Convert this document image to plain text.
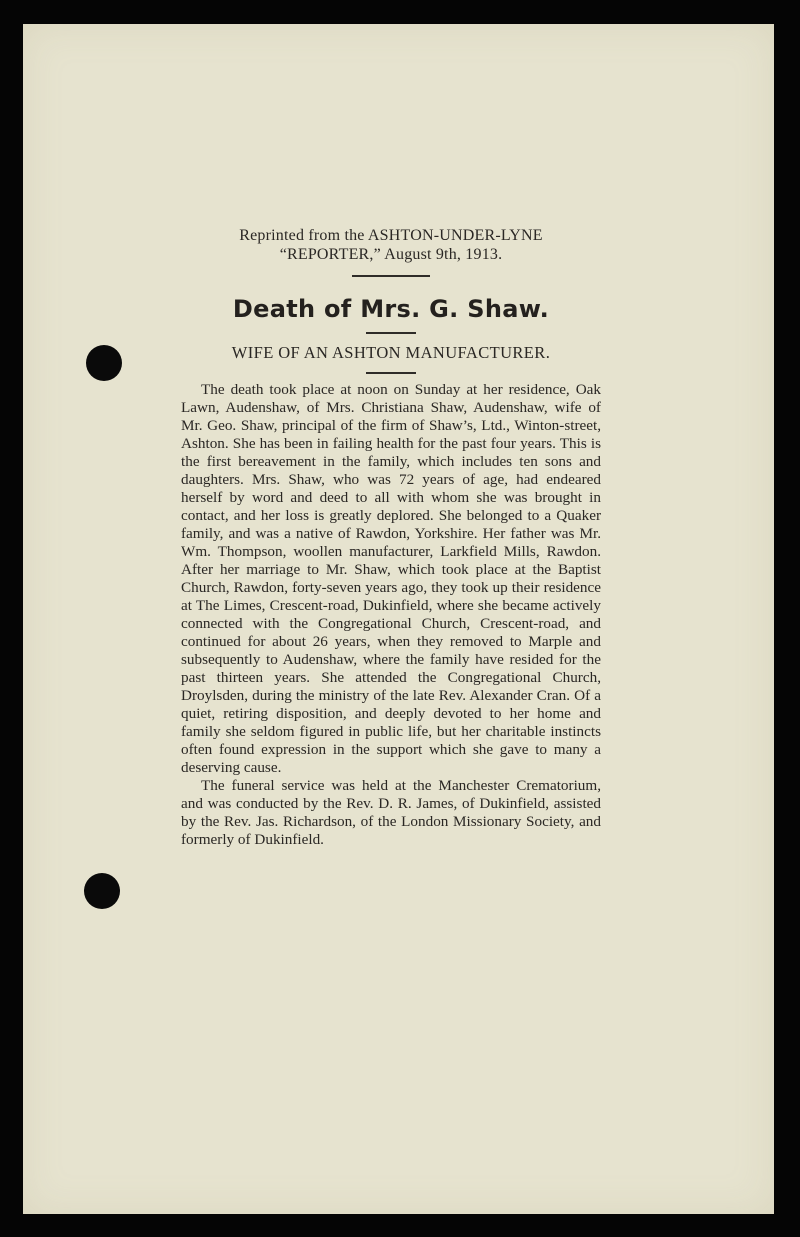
Reprinted from the ASHTON-UNDER-LYNE
“REPORTER,” August 9th, 1913.
Death of Mrs. G. Shaw.
WIFE OF AN ASHTON MANUFACTURER.

The death took place at noon on Sunday at her residence, Oak Lawn, Audenshaw, of Mrs. Christiana Shaw, Audenshaw, wife of Mr. Geo. Shaw, principal of the firm of Shaw’s, Ltd., Winton-street, Ashton. She has been in failing health for the past four years. This is the first bereavement in the family, which includes ten sons and daughters. Mrs. Shaw, who was 72 years of age, had endeared herself by word and deed to all with whom she was brought in contact, and her loss is greatly deplored. She belonged to a Quaker family, and was a native of Rawdon, Yorkshire. Her father was Mr. Wm. Thompson, woollen manufacturer, Larkfield Mills, Rawdon. After her marriage to Mr. Shaw, which took place at the Baptist Church, Rawdon, forty-seven years ago, they took up their residence at The Limes, Crescent-road, Dukinfield, where she became actively connected with the Congregational Church, Crescent-road, and continued for about 26 years, when they removed to Marple and subsequently to Audenshaw, where the family have resided for the past thirteen years. She attended the Congregational Church, Droylsden, during the ministry of the late Rev. Alexander Cran. Of a quiet, retiring disposition, and deeply devoted to her home and family she seldom figured in public life, but her charitable instincts often found expression in the support which she gave to many a deserving cause.

The funeral service was held at the Manchester Crematorium, and was conducted by the Rev. D. R. James, of Dukinfield, assisted by the Rev. Jas. Richardson, of the London Missionary Society, and formerly of Dukinfield.
